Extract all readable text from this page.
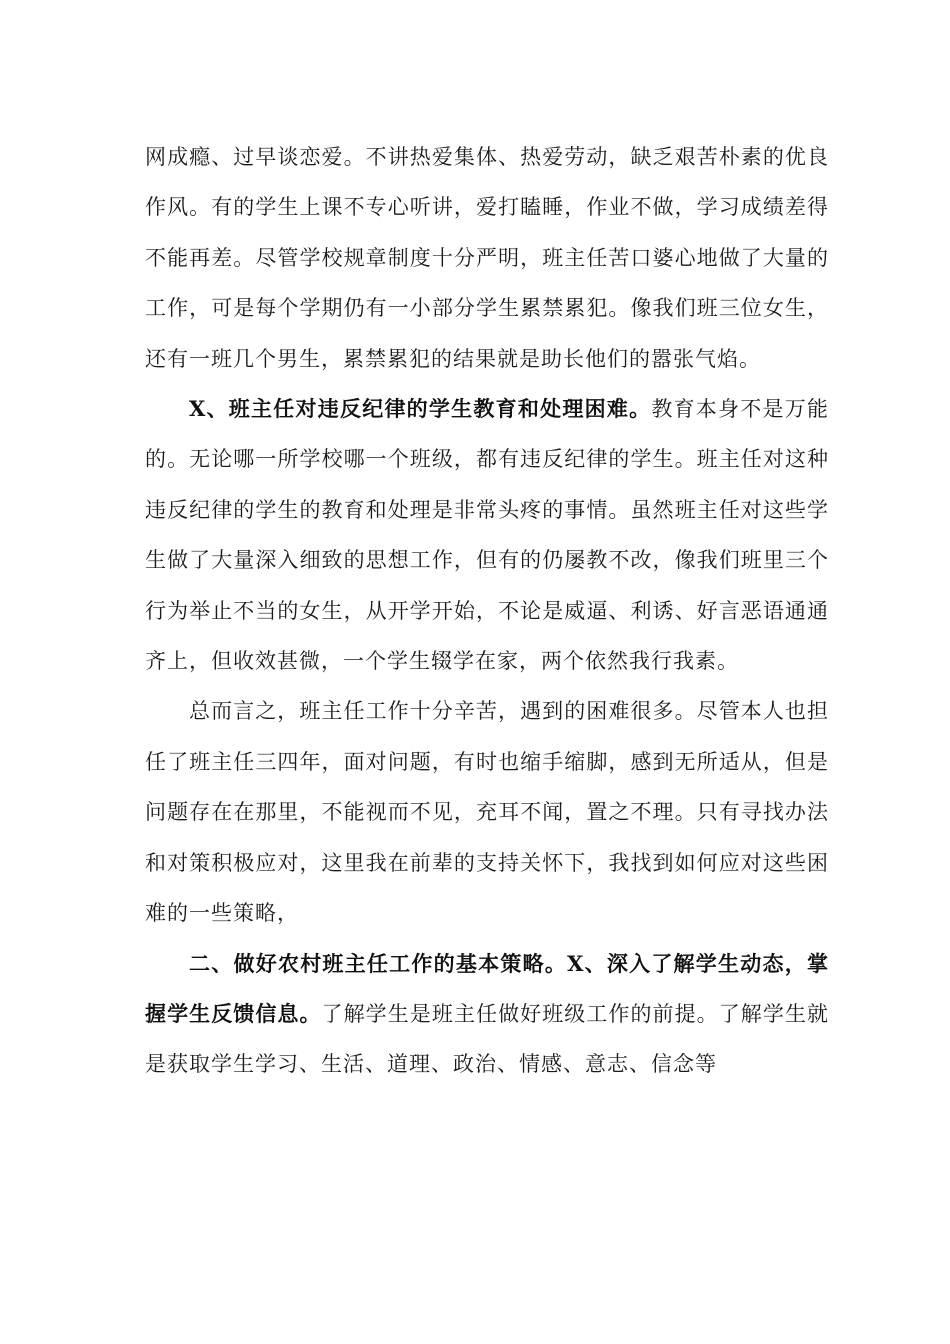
网成瘾、过早谈恋爱。不讲热爱集体、热爱劳动，缺乏艰苦朴素的优良作风。有的学生上课不专心听讲，爱打瞌睡，作业不做，学习成绩差得不能再差。尽管学校规章制度十分严明，班主任苦口婆心地做了大量的工作，可是每个学期仍有一小部分学生累禁累犯。像我们班三位女生，还有一班几个男生，累禁累犯的结果就是助长他们的嚣张气焰。

X、班主任对违反纪律的学生教育和处理困难。教育本身不是万能的。无论哪一所学校哪一个班级，都有违反纪律的学生。班主任对这种违反纪律的学生的教育和处理是非常头疼的事情。虽然班主任对这些学生做了大量深入细致的思想工作，但有的仍屡教不改，像我们班里三个行为举止不当的女生，从开学开始，不论是威逼、利诱、好言恶语通通齐上，但收效甚微，一个学生辍学在家，两个依然我行我素。

总而言之，班主任工作十分辛苦，遇到的困难很多。尽管本人也担任了班主任三四年，面对问题，有时也缩手缩脚，感到无所适从，但是问题存在在那里，不能视而不见，充耳不闻，置之不理。只有寻找办法和对策积极应对，这里我在前辈的支持关怀下，我找到如何应对这些困难的一些策略，

二、做好农村班主任工作的基本策略。X、深入了解学生动态，掌握学生反馈信息。了解学生是班主任做好班级工作的前提。了解学生就是获取学生学习、生活、道理、政治、情感、意志、信念等
